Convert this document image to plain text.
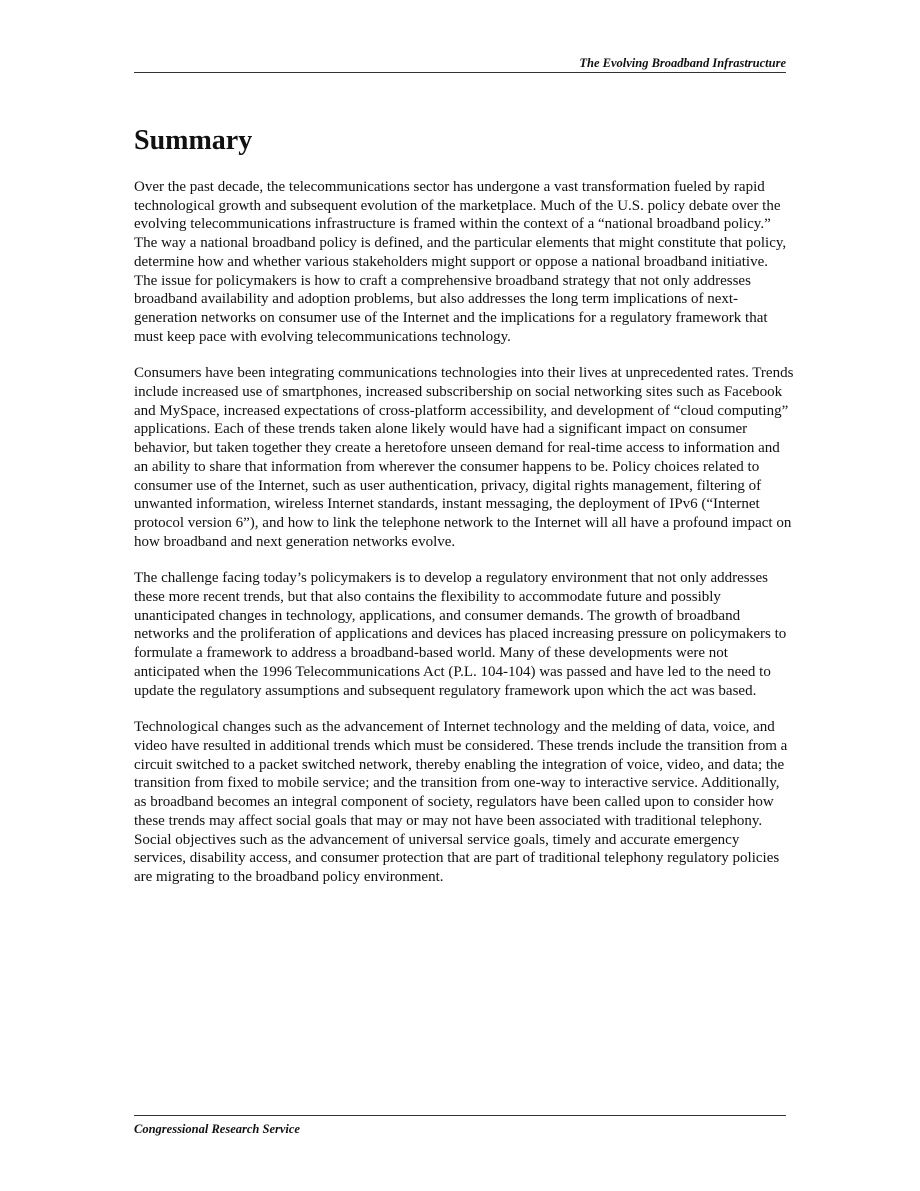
The Evolving Broadband Infrastructure
Summary

Over the past decade, the telecommunications sector has undergone a vast transformation fueled by rapid technological growth and subsequent evolution of the marketplace. Much of the U.S. policy debate over the evolving telecommunications infrastructure is framed within the context of a “national broadband policy.” The way a national broadband policy is defined, and the particular elements that might constitute that policy, determine how and whether various stakeholders might support or oppose a national broadband initiative. The issue for policymakers is how to craft a comprehensive broadband strategy that not only addresses broadband availability and adoption problems, but also addresses the long term implications of next-generation networks on consumer use of the Internet and the implications for a regulatory framework that must keep pace with evolving telecommunications technology.

Consumers have been integrating communications technologies into their lives at unprecedented rates. Trends include increased use of smartphones, increased subscribership on social networking sites such as Facebook and MySpace, increased expectations of cross-platform accessibility, and development of “cloud computing” applications. Each of these trends taken alone likely would have had a significant impact on consumer behavior, but taken together they create a heretofore unseen demand for real-time access to information and an ability to share that information from wherever the consumer happens to be. Policy choices related to consumer use of the Internet, such as user authentication, privacy, digital rights management, filtering of unwanted information, wireless Internet standards, instant messaging, the deployment of IPv6 (“Internet protocol version 6”), and how to link the telephone network to the Internet will all have a profound impact on how broadband and next generation networks evolve.

The challenge facing today’s policymakers is to develop a regulatory environment that not only addresses these more recent trends, but that also contains the flexibility to accommodate future and possibly unanticipated changes in technology, applications, and consumer demands. The growth of broadband networks and the proliferation of applications and devices has placed increasing pressure on policymakers to formulate a framework to address a broadband-based world. Many of these developments were not anticipated when the 1996 Telecommunications Act (P.L. 104-104) was passed and have led to the need to update the regulatory assumptions and subsequent regulatory framework upon which the act was based.

Technological changes such as the advancement of Internet technology and the melding of data, voice, and video have resulted in additional trends which must be considered. These trends include the transition from a circuit switched to a packet switched network, thereby enabling the integration of voice, video, and data; the transition from fixed to mobile service; and the transition from one-way to interactive service. Additionally, as broadband becomes an integral component of society, regulators have been called upon to consider how these trends may affect social goals that may or may not have been associated with traditional telephony. Social objectives such as the advancement of universal service goals, timely and accurate emergency services, disability access, and consumer protection that are part of traditional telephony regulatory policies are migrating to the broadband policy environment.

Congressional Research Service
